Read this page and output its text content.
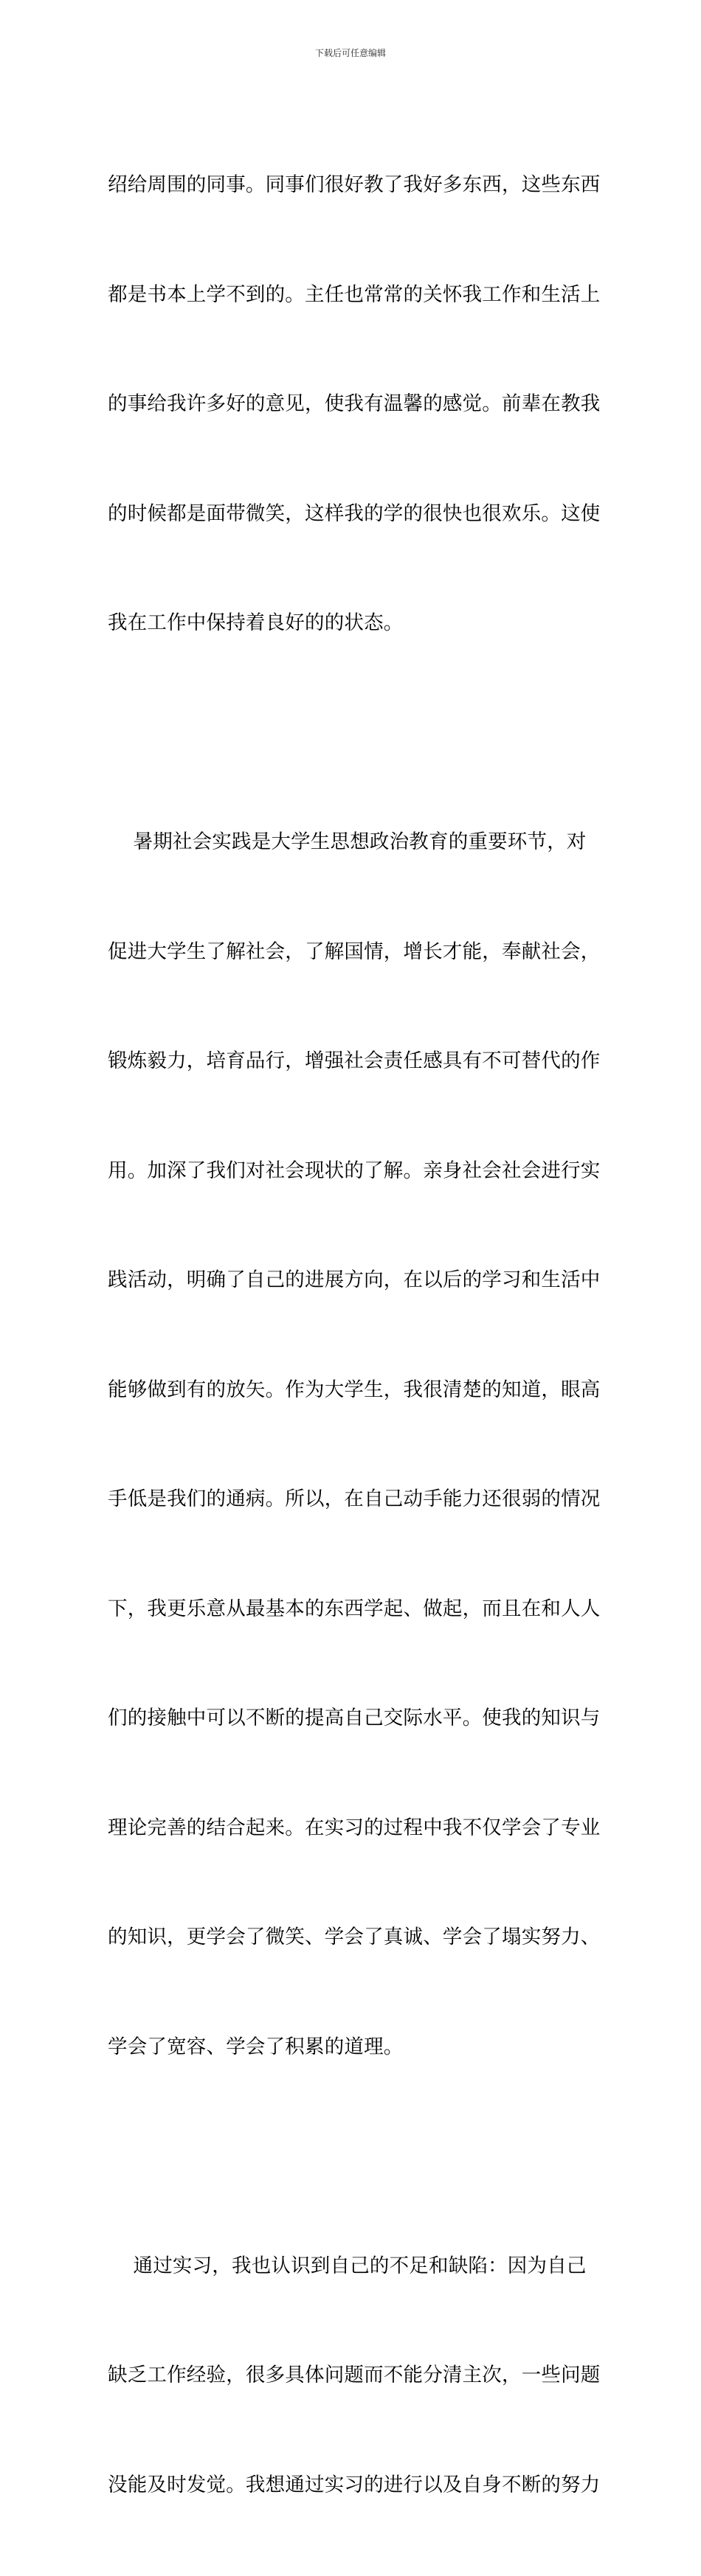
下载后可任意编辑

绍给周围的同事。同事们很好教了我好多东西，这些东西

都是书本上学不到的。主任也常常的关怀我工作和生活上

的事给我许多好的意见，使我有温馨的感觉。前辈在教我

的时候都是面带微笑，这样我的学的很快也很欢乐。这使

我在工作中保持着良好的的状态。

暑期社会实践是大学生思想政治教育的重要环节，对

促进大学生了解社会，了解国情，增长才能，奉献社会，

锻炼毅力，培育品行，增强社会责任感具有不可替代的作

用。加深了我们对社会现状的了解。亲身社会社会进行实

践活动，明确了自己的进展方向，在以后的学习和生活中

能够做到有的放矢。作为大学生，我很清楚的知道，眼高

手低是我们的通病。所以，在自己动手能力还很弱的情况

下，我更乐意从最基本的东西学起、做起，而且在和人人

们的接触中可以不断的提高自己交际水平。使我的知识与

理论完善的结合起来。在实习的过程中我不仅学会了专业

的知识，更学会了微笑、学会了真诚、学会了塌实努力、

学会了宽容、学会了积累的道理。

通过实习，我也认识到自己的不足和缺陷：因为自己

缺乏工作经验，很多具体问题而不能分清主次，一些问题

没能及时发觉。我想通过实习的进行以及自身不断的努力
